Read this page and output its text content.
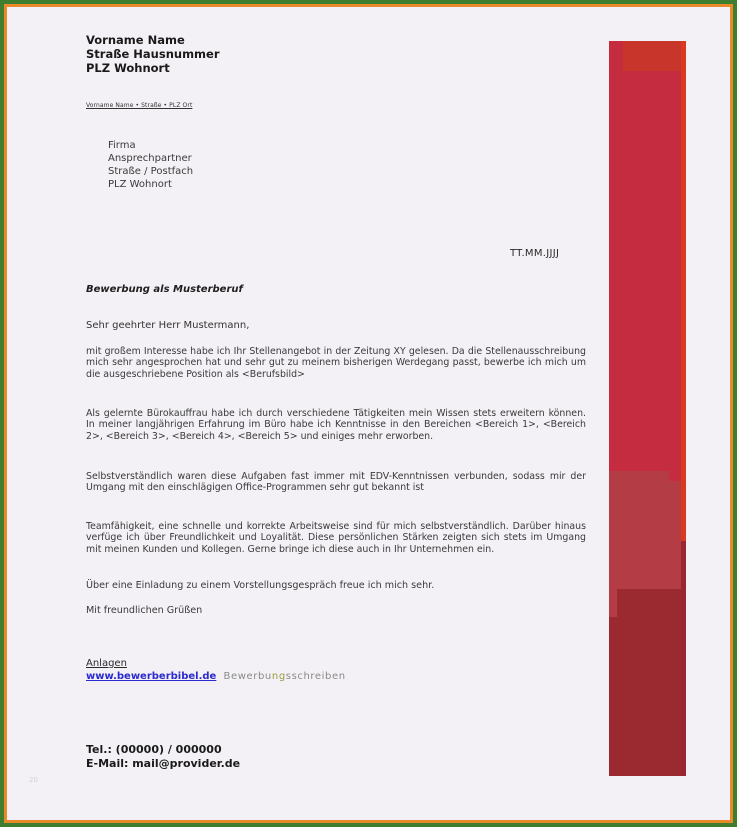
Vorname Name
Straße Hausnummer
PLZ Wohnort
Vorname Name • Straße • PLZ Ort
Firma
Ansprechpartner
Straße / Postfach
PLZ Wohnort
TT.MM.JJJJ
Bewerbung als Musterberuf
Sehr geehrter Herr Mustermann,
mit großem Interesse habe ich Ihr Stellenangebot in der Zeitung XY gelesen. Da die Stellenausschreibung mich sehr angesprochen hat und sehr gut zu meinem bisherigen Werdegang passt, bewerbe ich mich um die ausgeschriebene Position als <Berufsbild>
Als gelernte Bürokauffrau habe ich durch verschiedene Tätigkeiten mein Wissen stets erweitern können. In meiner langjährigen Erfahrung im Büro habe ich Kenntnisse in den Bereichen <Bereich 1>, <Bereich 2>, <Bereich 3>, <Bereich 4>, <Bereich 5> und einiges mehr erworben.
Selbstverständlich waren diese Aufgaben fast immer mit EDV-Kenntnissen verbunden, sodass mir der Umgang mit den einschlägigen Office-Programmen sehr gut bekannt ist
Teamfähigkeit, eine schnelle und korrekte Arbeitsweise sind für mich selbstverständlich. Darüber hinaus verfüge ich über Freundlichkeit und Loyalität. Diese persönlichen Stärken zeigten sich stets im Umgang mit meinen Kunden und Kollegen. Gerne bringe ich diese auch in Ihr Unternehmen ein.
Über eine Einladung zu einem Vorstellungsgespräch freue ich mich sehr.
Mit freundlichen Grüßen
Anlagen
www.bewerberbibel.de Bewerbungsschreiben
Tel.: (00000) / 000000
E-Mail: mail@provider.de
20
